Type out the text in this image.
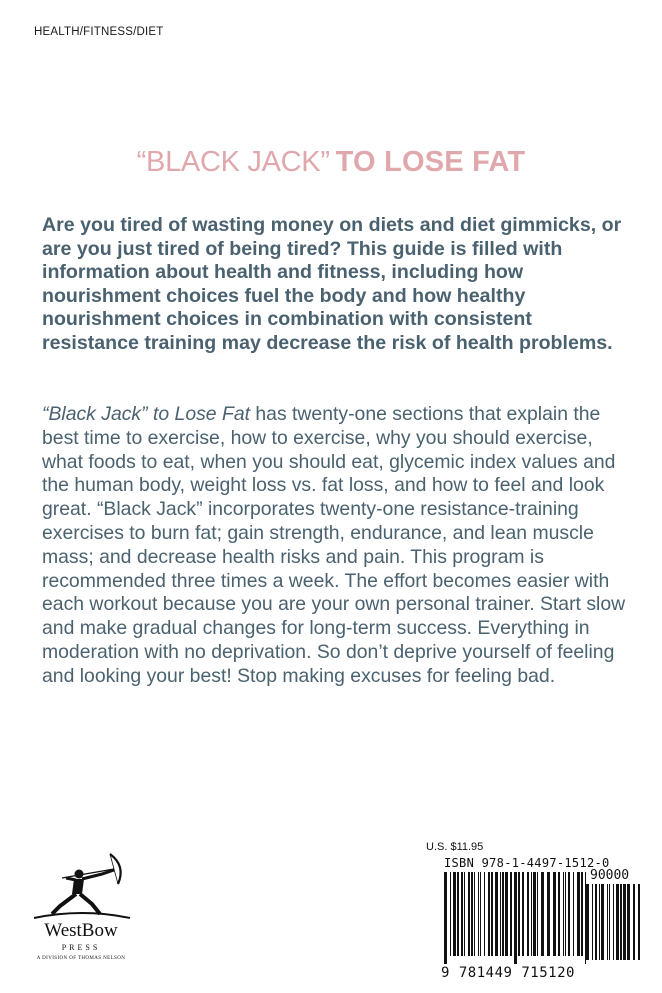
HEALTH/FITNESS/DIET
“BLACK JACK” TO LOSE FAT
Are you tired of wasting money on diets and diet gimmicks, or are you just tired of being tired? This guide is filled with information about health and fitness, including how nourishment choices fuel the body and how healthy nourishment choices in combination with consistent resistance training may decrease the risk of health problems.
“Black Jack” to Lose Fat has twenty-one sections that explain the best time to exercise, how to exercise, why you should exercise, what foods to eat, when you should eat, glycemic index values and the human body, weight loss vs. fat loss, and how to feel and look great. “Black Jack” incorporates twenty-one resistance-training exercises to burn fat; gain strength, endurance, and lean muscle mass; and decrease health risks and pain. This program is recommended three times a week. The effort becomes easier with each workout because you are your own personal trainer. Start slow and make gradual changes for long-term success. Everything in moderation with no deprivation. So don’t deprive yourself of feeling and looking your best! Stop making excuses for feeling bad.
WestBow
PRESS
A DIVISION OF THOMAS NELSON
U.S. $11.95
ISBN 978-1-4497-1512-0
90000
9 781449 715120
